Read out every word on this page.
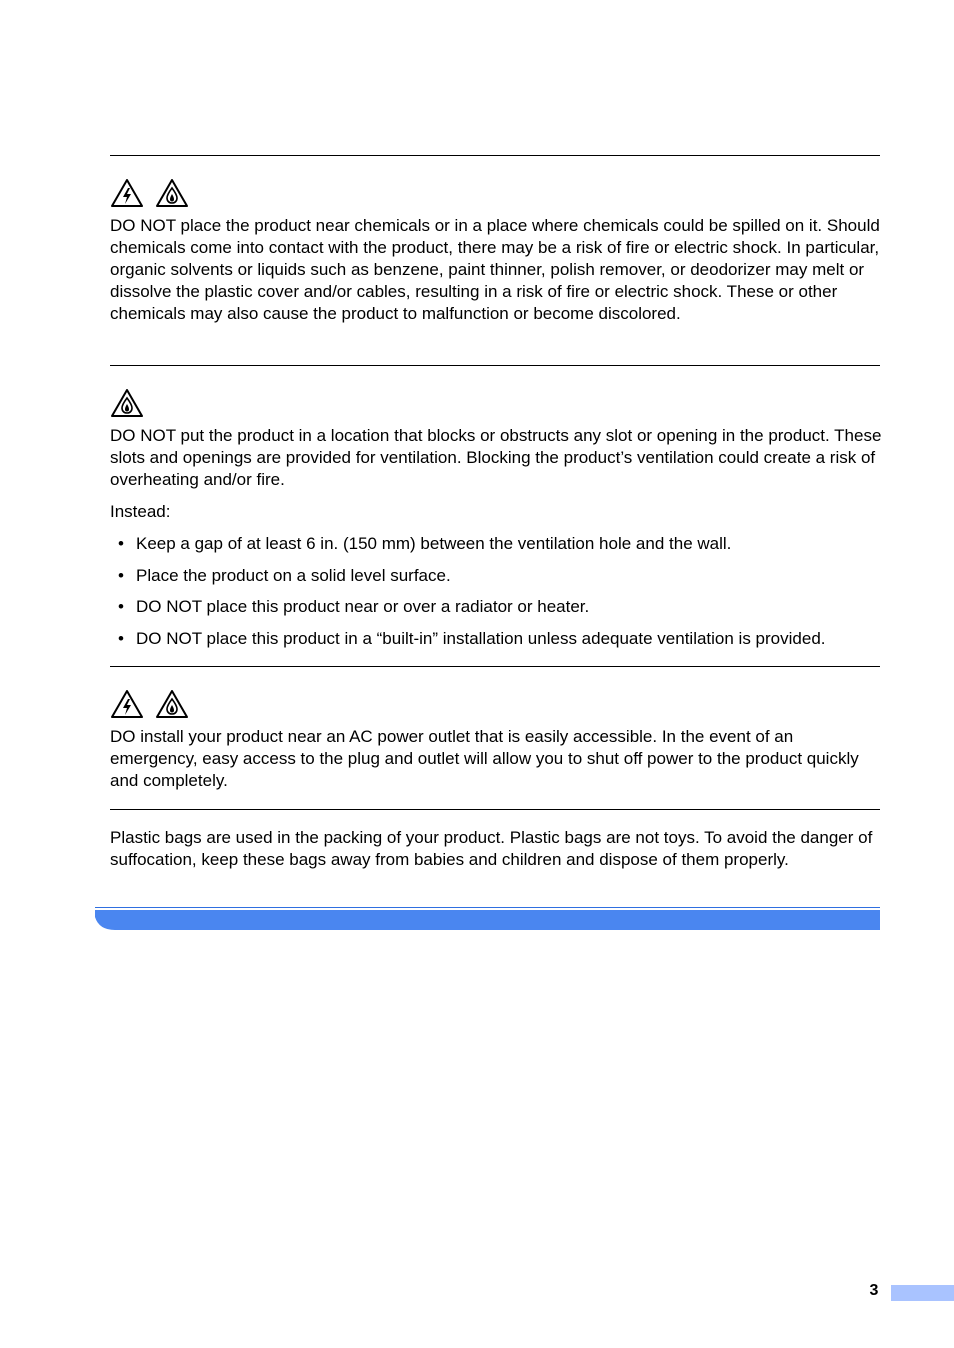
DO NOT place the product near chemicals or in a place where chemicals could be spilled on it. Should chemicals come into contact with the product, there may be a risk of fire or electric shock. In particular, organic solvents or liquids such as benzene, paint thinner, polish remover, or deodorizer may melt or dissolve the plastic cover and/or cables, resulting in a risk of fire or electric shock. These or other chemicals may also cause the product to malfunction or become discolored.

DO NOT put the product in a location that blocks or obstructs any slot or opening in the product. These slots and openings are provided for ventilation. Blocking the product’s ventilation could create a risk of overheating and/or fire.

Instead:

• Keep a gap of at least 6 in. (150 mm) between the ventilation hole and the wall.
• Place the product on a solid level surface.
• DO NOT place this product near or over a radiator or heater.
• DO NOT place this product in a “built-in” installation unless adequate ventilation is provided.

DO install your product near an AC power outlet that is easily accessible. In the event of an emergency, easy access to the plug and outlet will allow you to shut off power to the product quickly and completely.

Plastic bags are used in the packing of your product. Plastic bags are not toys. To avoid the danger of suffocation, keep these bags away from babies and children and dispose of them properly.

3
